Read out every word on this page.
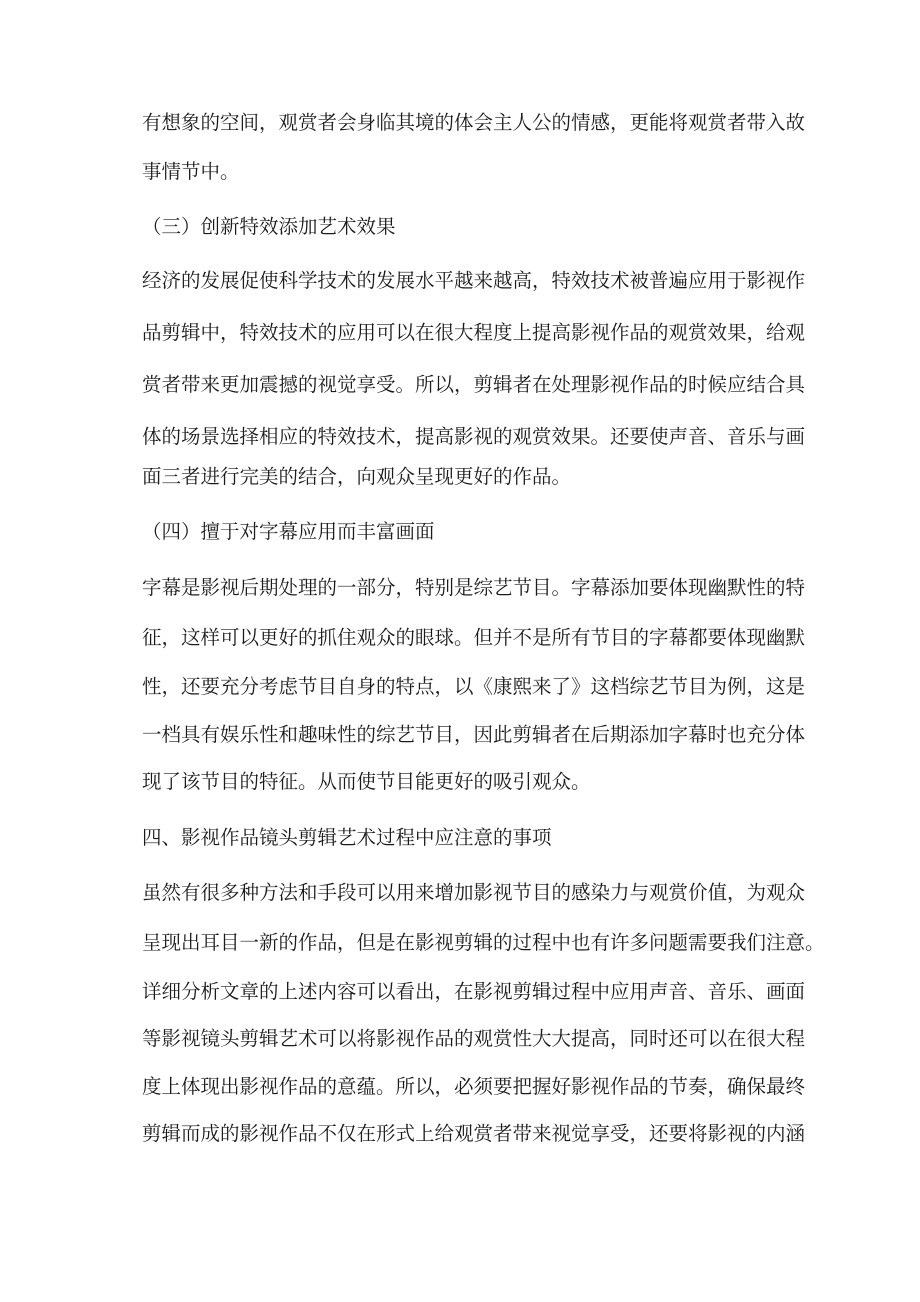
有想象的空间，观赏者会身临其境的体会主人公的情感，更能将观赏者带入故
事情节中。
（三）创新特效添加艺术效果
经济的发展促使科学技术的发展水平越来越高，特效技术被普遍应用于影视作
品剪辑中，特效技术的应用可以在很大程度上提高影视作品的观赏效果，给观
赏者带来更加震撼的视觉享受。所以，剪辑者在处理影视作品的时候应结合具
体的场景选择相应的特效技术，提高影视的观赏效果。还要使声音、音乐与画
面三者进行完美的结合，向观众呈现更好的作品。
（四）擅于对字幕应用而丰富画面
字幕是影视后期处理的一部分，特别是综艺节目。字幕添加要体现幽默性的特
征，这样可以更好的抓住观众的眼球。但并不是所有节目的字幕都要体现幽默
性，还要充分考虑节目自身的特点，以《康熙来了》这档综艺节目为例，这是
一档具有娱乐性和趣味性的综艺节目，因此剪辑者在后期添加字幕时也充分体
现了该节目的特征。从而使节目能更好的吸引观众。
四、影视作品镜头剪辑艺术过程中应注意的事项
虽然有很多种方法和手段可以用来增加影视节目的感染力与观赏价值，为观众
呈现出耳目一新的作品，但是在影视剪辑的过程中也有许多问题需要我们注意。
详细分析文章的上述内容可以看出，在影视剪辑过程中应用声音、音乐、画面
等影视镜头剪辑艺术可以将影视作品的观赏性大大提高，同时还可以在很大程
度上体现出影视作品的意蕴。所以，必须要把握好影视作品的节奏，确保最终
剪辑而成的影视作品不仅在形式上给观赏者带来视觉享受，还要将影视的内涵
